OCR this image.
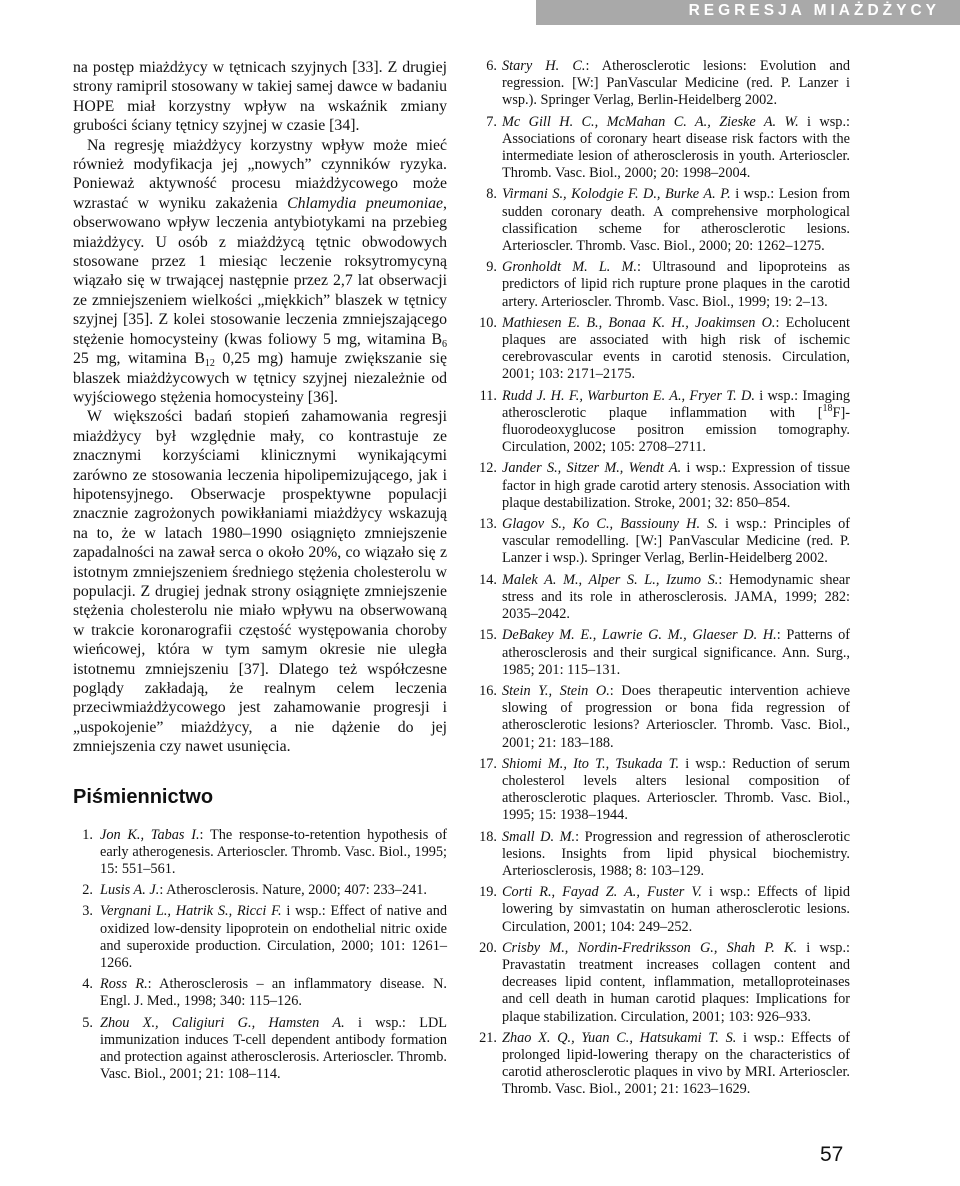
REGRESJA MIAŻDŻYCY

na postęp miażdżycy w tętnicach szyjnych [33]. Z drugiej strony ramipril stosowany w takiej samej dawce w badaniu HOPE miał korzystny wpływ na wskaźnik zmiany grubości ściany tętnicy szyjnej w czasie [34].

Na regresję miażdżycy korzystny wpływ może mieć również modyfikacja jej „nowych” czynników ryzyka. Ponieważ aktywność procesu miażdżycowego może wzrastać w wyniku zakażenia Chlamydia pneumoniae, obserwowano wpływ leczenia antybiotykami na przebieg miażdżycy. U osób z miażdżycą tętnic obwodowych stosowane przez 1 miesiąc leczenie roksytromycyną wiązało się w trwającej następnie przez 2,7 lat obserwacji ze zmniejszeniem wielkości „miękkich” blaszek w tętnicy szyjnej [35]. Z kolei stosowanie leczenia zmniejszającego stężenie homocysteiny (kwas foliowy 5 mg, witamina $B_6$ 25 mg, witamina $B_{12}$ 0,25 mg) hamuje zwiększanie się blaszek miażdżycowych w tętnicy szyjnej niezależnie od wyjściowego stężenia homocysteiny [36].

W większości badań stopień zahamowania regresji miażdżycy był względnie mały, co kontrastuje ze znacznymi korzyściami klinicznymi wynikającymi zarówno ze stosowania leczenia hipolipemizującego, jak i hipotensyjnego. Obserwacje prospektywne populacji znacznie zagrożonych powikłaniami miażdżycy wskazują na to, że w latach 1980–1990 osiągnięto zmniejszenie zapadalności na zawał serca o około 20%, co wiązało się z istotnym zmniejszeniem średniego stężenia cholesterolu w populacji. Z drugiej jednak strony osiągnięte zmniejszenie stężenia cholesterolu nie miało wpływu na obserwowaną w trakcie koronarografii częstość występowania choroby wieńcowej, która w tym samym okresie nie uległa istotnemu zmniejszeniu [37]. Dlatego też współczesne poglądy zakładają, że realnym celem leczenia przeciwmiażdżycowego jest zahamowanie progresji i „uspokojenie” miażdżycy, a nie dążenie do jej zmniejszenia czy nawet usunięcia.

Piśmiennictwo
1. Jon K., Tabas I.: The response-to-retention hypothesis of early atherogenesis. Arterioscler. Thromb. Vasc. Biol., 1995; 15: 551–561.
2. Lusis A. J.: Atherosclerosis. Nature, 2000; 407: 233–241.
3. Vergnani L., Hatrik S., Ricci F. i wsp.: Effect of native and oxidized low-density lipoprotein on endothelial nitric oxide and superoxide production. Circulation, 2000; 101: 1261–1266.
4. Ross R.: Atherosclerosis – an inflammatory disease. N. Engl. J. Med., 1998; 340: 115–126.
5. Zhou X., Caligiuri G., Hamsten A. i wsp.: LDL immunization induces T-cell dependent antibody formation and protection against atherosclerosis. Arterioscler. Thromb. Vasc. Biol., 2001; 21: 108–114.
6. Stary H. C.: Atherosclerotic lesions: Evolution and regression. [W:] PanVascular Medicine (red. P. Lanzer i wsp.). Springer Verlag, Berlin-Heidelberg 2002.
7. Mc Gill H. C., McMahan C. A., Zieske A. W. i wsp.: Associations of coronary heart disease risk factors with the intermediate lesion of atherosclerosis in youth. Arterioscler. Thromb. Vasc. Biol., 2000; 20: 1998–2004.
8. Virmani S., Kolodgie F. D., Burke A. P. i wsp.: Lesion from sudden coronary death. A comprehensive morphological classification scheme for atherosclerotic lesions. Arterioscler. Thromb. Vasc. Biol., 2000; 20: 1262–1275.
9. Gronholdt M. L. M.: Ultrasound and lipoproteins as predictors of lipid rich rupture prone plaques in the carotid artery. Arterioscler. Thromb. Vasc. Biol., 1999; 19: 2–13.
10. Mathiesen E. B., Bonaa K. H., Joakimsen O.: Echolucent plaques are associated with high risk of ischemic cerebrovascular events in carotid stenosis. Circulation, 2001; 103: 2171–2175.
11. Rudd J. H. F., Warburton E. A., Fryer T. D. i wsp.: Imaging atherosclerotic plaque inflammation with [$^{18}$F]-fluorodeoxyglucose positron emission tomography. Circulation, 2002; 105: 2708–2711.
12. Jander S., Sitzer M., Wendt A. i wsp.: Expression of tissue factor in high grade carotid artery stenosis. Association with plaque destabilization. Stroke, 2001; 32: 850–854.
13. Glagov S., Ko C., Bassiouny H. S. i wsp.: Principles of vascular remodelling. [W:] PanVascular Medicine (red. P. Lanzer i wsp.). Springer Verlag, Berlin-Heidelberg 2002.
14. Malek A. M., Alper S. L., Izumo S.: Hemodynamic shear stress and its role in atherosclerosis. JAMA, 1999; 282: 2035–2042.
15. DeBakey M. E., Lawrie G. M., Glaeser D. H.: Patterns of atherosclerosis and their surgical significance. Ann. Surg., 1985; 201: 115–131.
16. Stein Y., Stein O.: Does therapeutic intervention achieve slowing of progression or bona fida regression of atherosclerotic lesions? Arterioscler. Thromb. Vasc. Biol., 2001; 21: 183–188.
17. Shiomi M., Ito T., Tsukada T. i wsp.: Reduction of serum cholesterol levels alters lesional composition of atherosclerotic plaques. Arterioscler. Thromb. Vasc. Biol., 1995; 15: 1938–1944.
18. Small D. M.: Progression and regression of atherosclerotic lesions. Insights from lipid physical biochemistry. Arteriosclerosis, 1988; 8: 103–129.
19. Corti R., Fayad Z. A., Fuster V. i wsp.: Effects of lipid lowering by simvastatin on human atherosclerotic lesions. Circulation, 2001; 104: 249–252.
20. Crisby M., Nordin-Fredriksson G., Shah P. K. i wsp.: Pravastatin treatment increases collagen content and decreases lipid content, inflammation, metalloproteinases and cell death in human carotid plaques: Implications for plaque stabilization. Circulation, 2001; 103: 926–933.
21. Zhao X. Q., Yuan C., Hatsukami T. S. i wsp.: Effects of prolonged lipid-lowering therapy on the characteristics of carotid atherosclerotic plaques in vivo by MRI. Arterioscler. Thromb. Vasc. Biol., 2001; 21: 1623–1629.
57
